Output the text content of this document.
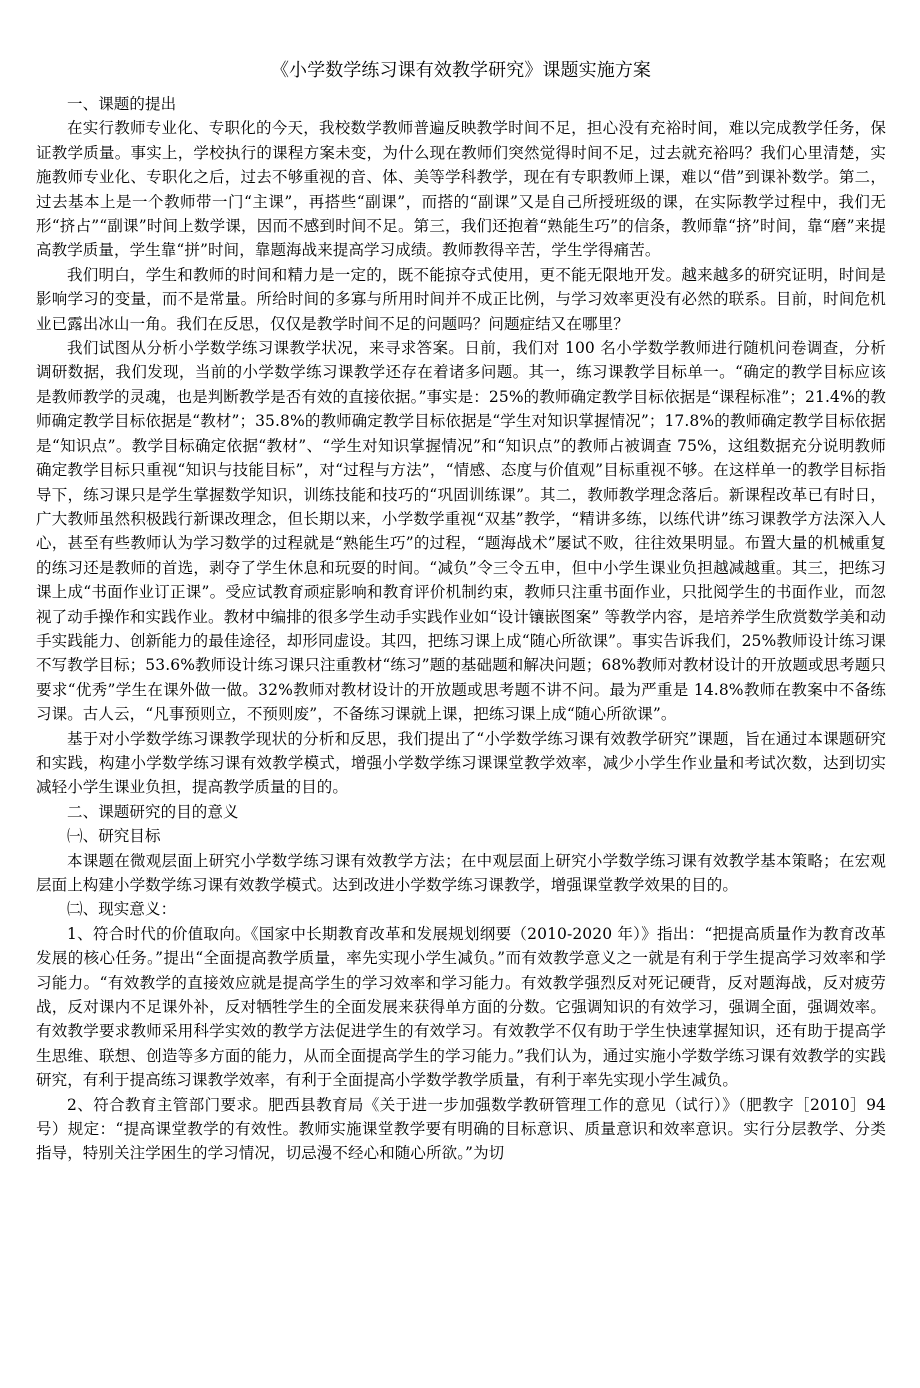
《小学数学练习课有效教学研究》课题实施方案
一、课题的提出

在实行教师专业化、专职化的今天，我校数学教师普遍反映教学时间不足，担心没有充裕时间，难以完成教学任务，保证教学质量。事实上，学校执行的课程方案未变，为什么现在教师们突然觉得时间不足，过去就充裕吗？我们心里清楚，实施教师专业化、专职化之后，过去不够重视的音、体、美等学科教学，现在有专职教师上课，难以“借”到课补数学。第二，过去基本上是一个教师带一门“主课”，再搭些“副课”，而搭的“副课”又是自己所授班级的课，在实际教学过程中，我们无形“挤占”“副课”时间上数学课，因而不感到时间不足。第三，我们还抱着“熟能生巧”的信条，教师靠“挤”时间，靠“磨”来提高教学质量，学生靠“拼”时间，靠题海战来提高学习成绩。教师教得辛苦，学生学得痛苦。

我们明白，学生和教师的时间和精力是一定的，既不能掠夺式使用，更不能无限地开发。越来越多的研究证明，时间是影响学习的变量，而不是常量。所给时间的多寡与所用时间并不成正比例，与学习效率更没有必然的联系。目前，时间危机业已露出冰山一角。我们在反思，仅仅是教学时间不足的问题吗？问题症结又在哪里？

我们试图从分析小学数学练习课教学状况，来寻求答案。日前，我们对 100 名小学数学教师进行随机问卷调查，分析调研数据，我们发现，当前的小学数学练习课教学还存在着诸多问题。其一，练习课教学目标单一。“确定的教学目标应该是教师教学的灵魂，也是判断教学是否有效的直接依据。”事实是：25%的教师确定教学目标依据是“课程标准”；21.4%的教师确定教学目标依据是“教材”；35.8%的教师确定教学目标依据是“学生对知识掌握情况”；17.8%的教师确定教学目标依据是“知识点”。教学目标确定依据“教材”、“学生对知识掌握情况”和“知识点”的教师占被调查 75%，这组数据充分说明教师确定教学目标只重视“知识与技能目标”，对“过程与方法”，“情感、态度与价值观”目标重视不够。在这样单一的教学目标指导下，练习课只是学生掌握数学知识，训练技能和技巧的“巩固训练课”。其二，教师教学理念落后。新课程改革已有时日，广大教师虽然积极践行新课改理念，但长期以来，小学数学重视“双基”教学，“精讲多练，以练代讲”练习课教学方法深入人心，甚至有些教师认为学习数学的过程就是“熟能生巧”的过程，“题海战术”屡试不败，往往效果明显。布置大量的机械重复的练习还是教师的首选，剥夺了学生休息和玩耍的时间。“减负”令三令五申，但中小学生课业负担越减越重。其三，把练习课上成“书面作业订正课”。受应试教育顽症影响和教育评价机制约束，教师只注重书面作业，只批阅学生的书面作业，而忽视了动手操作和实践作业。教材中编排的很多学生动手实践作业如“设计镶嵌图案” 等教学内容，是培养学生欣赏数学美和动手实践能力、创新能力的最佳途径，却形同虚设。其四，把练习课上成“随心所欲课”。事实告诉我们，25%教师设计练习课不写教学目标；53.6%教师设计练习课只注重教材“练习”题的基础题和解决问题；68%教师对教材设计的开放题或思考题只要求“优秀”学生在课外做一做。32%教师对教材设计的开放题或思考题不讲不问。最为严重是 14.8%教师在教案中不备练习课。古人云，“凡事预则立，不预则废”，不备练习课就上课，把练习课上成“随心所欲课”。

基于对小学数学练习课教学现状的分析和反思，我们提出了“小学数学练习课有效教学研究”课题，旨在通过本课题研究和实践，构建小学数学练习课有效教学模式，增强小学数学练习课课堂教学效率，减少小学生作业量和考试次数，达到切实减轻小学生课业负担，提高教学质量的目的。

二、课题研究的目的意义
㈠、研究目标

本课题在微观层面上研究小学数学练习课有效教学方法；在中观层面上研究小学数学练习课有效教学基本策略；在宏观层面上构建小学数学练习课有效教学模式。达到改进小学数学练习课教学，增强课堂教学效果的目的。

㈡、现实意义：

1、符合时代的价值取向。《国家中长期教育改革和发展规划纲要（2010-2020 年）》指出：“把提高质量作为教育改革发展的核心任务。”提出“全面提高教学质量，率先实现小学生减负。”而有效教学意义之一就是有利于学生提高学习效率和学习能力。“有效教学的直接效应就是提高学生的学习效率和学习能力。有效教学强烈反对死记硬背，反对题海战，反对疲劳战，反对课内不足课外补，反对牺牲学生的全面发展来获得单方面的分数。它强调知识的有效学习，强调全面，强调效率。有效教学要求教师采用科学实效的教学方法促进学生的有效学习。有效教学不仅有助于学生快速掌握知识，还有助于提高学生思维、联想、创造等多方面的能力，从而全面提高学生的学习能力。”我们认为，通过实施小学数学练习课有效教学的实践研究，有利于提高练习课教学效率，有利于全面提高小学数学教学质量，有利于率先实现小学生减负。

2、符合教育主管部门要求。肥西县教育局《关于进一步加强数学教研管理工作的意见（试行）》（肥教字［2010］94 号）规定：“提高课堂教学的有效性。教师实施课堂教学要有明确的目标意识、质量意识和效率意识。实行分层教学、分类指导，特别关注学困生的学习情况，切忌漫不经心和随心所欲。”为切
